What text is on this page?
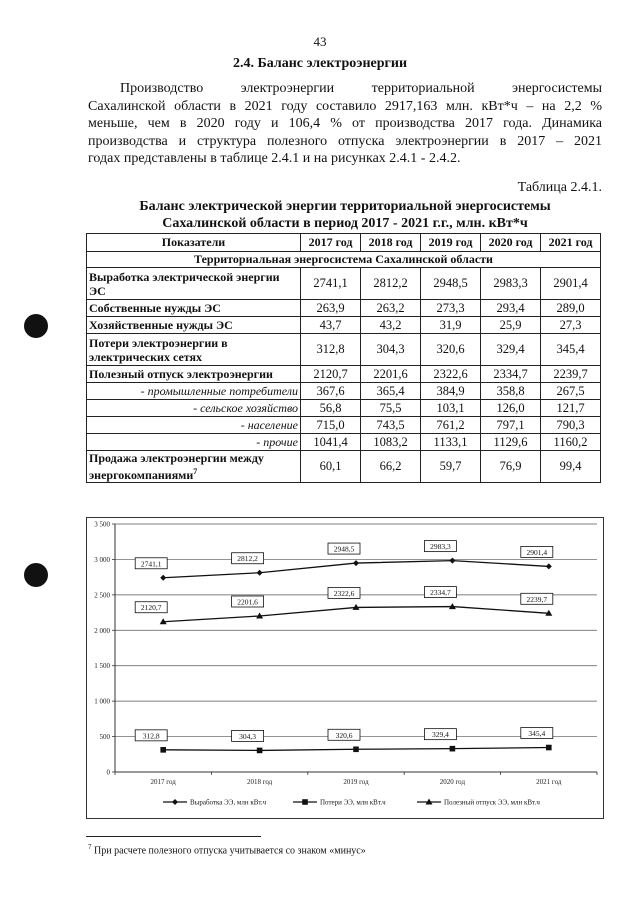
43
2.4. Баланс электроэнергии
Производство электроэнергии территориальной энергосистемы
Сахалинской области в 2021 году составило 2917,163 млн. кВт*ч – на 2,2 %
меньше, чем в 2020 году и 106,4 % от производства 2017 года. Динамика
производства и структура полезного отпуска электроэнергии в 2017 – 2021
годах представлены в таблице 2.4.1 и на рисунках 2.4.1 - 2.4.2.
Таблица 2.4.1.
Баланс электрической энергии территориальной энергосистемы
Сахалинской области в период 2017 - 2021 г.г., млн. кВт*ч
Показатели	2017 год	2018 год	2019 год	2020 год	2021 год
Территориальная энергосистема Сахалинской области					
Выработка электрической энергии ЭС	2741,1	2812,2	2948,5	2983,3	2901,4
Собственные нужды ЭС	263,9	263,2	273,3	293,4	289,0
Хозяйственные нужды ЭС	43,7	43,2	31,9	25,9	27,3
Потери электроэнергии в электрических сетях	312,8	304,3	320,6	329,4	345,4
Полезный отпуск электроэнергии	2120,7	2201,6	2322,6	2334,7	2239,7
- промышленные потребители	367,6	365,4	384,9	358,8	267,5
- сельское хозяйство	56,8	75,5	103,1	126,0	121,7
- население	715,0	743,5	761,2	797,1	790,3
- прочие	1041,4	1083,2	1133,1	1129,6	1160,2
Продажа электроэнергии между энергокомпаниями$^7$	60,1	66,2	59,7	76,9	99,4
0
500
1 000
1 500
2 000
2 500
3 000
3 500
2017 год	2018 год	2019 год	2020 год	2021 год
2741,1
2812,2
2948,5	2983,3
2901,4
312,8	304,3	320,6	329,4	345,4
2120,7
2201,6
2322,6	2334,7
2239,7
Выработка ЭЭ, млн кВт.ч	Потери ЭЭ, млн кВт.ч	Полезный отпуск ЭЭ, млн кВт.ч
$^7$ При расчете полезного отпуска учитывается со знаком «минус»
